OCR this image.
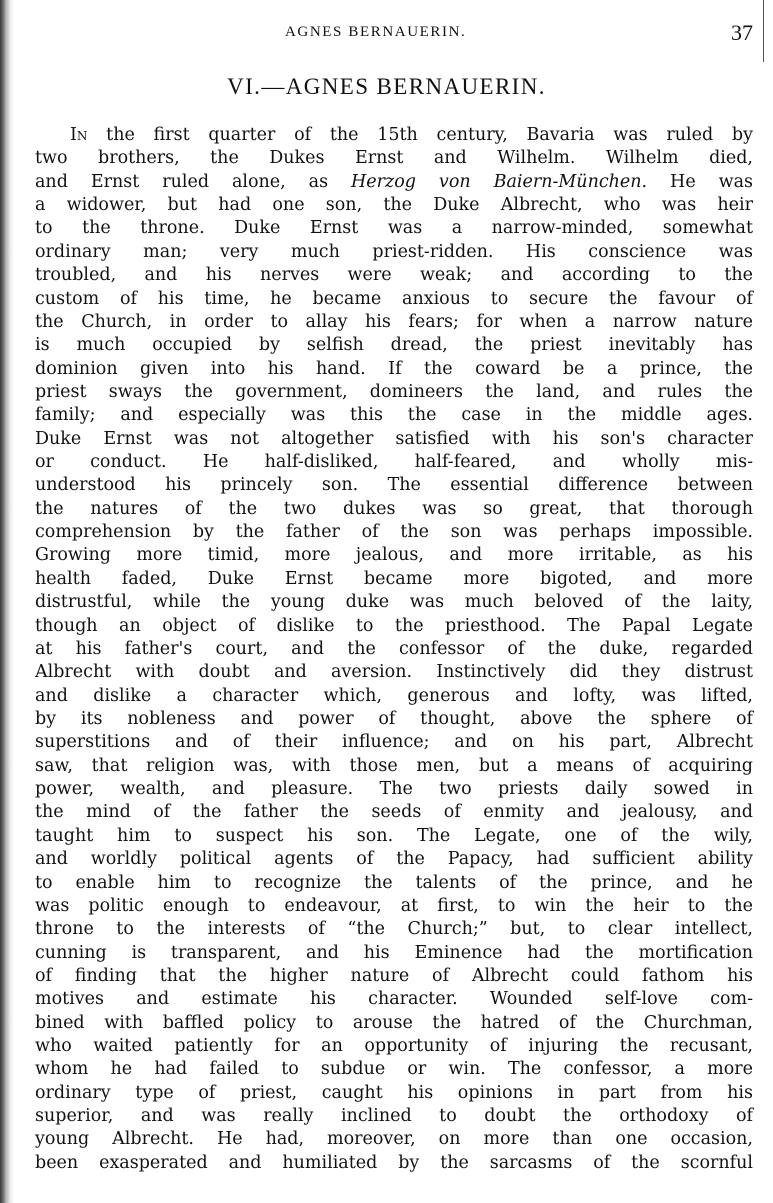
AGNES BERNAUERIN.	37
VI.—AGNES BERNAUERIN.
In the first quarter of the 15th century, Bavaria was ruled by
two brothers, the Dukes Ernst and Wilhelm. Wilhelm died,
and Ernst ruled alone, as Herzog von Baiern-München. He was
a widower, but had one son, the Duke Albrecht, who was heir
to the throne. Duke Ernst was a narrow-minded, somewhat
ordinary man; very much priest-ridden. His conscience was
troubled, and his nerves were weak; and according to the
custom of his time, he became anxious to secure the favour of
the Church, in order to allay his fears; for when a narrow nature
is much occupied by selfish dread, the priest inevitably has
dominion given into his hand. If the coward be a prince, the
priest sways the government, domineers the land, and rules the
family; and especially was this the case in the middle ages.
Duke Ernst was not altogether satisfied with his son's character
or conduct. He half-disliked, half-feared, and wholly mis-
understood his princely son. The essential difference between
the natures of the two dukes was so great, that thorough
comprehension by the father of the son was perhaps impossible.
Growing more timid, more jealous, and more irritable, as his
health faded, Duke Ernst became more bigoted, and more
distrustful, while the young duke was much beloved of the laity,
though an object of dislike to the priesthood. The Papal Legate
at his father's court, and the confessor of the duke, regarded
Albrecht with doubt and aversion. Instinctively did they distrust
and dislike a character which, generous and lofty, was lifted,
by its nobleness and power of thought, above the sphere of
superstitions and of their influence; and on his part, Albrecht
saw, that religion was, with those men, but a means of acquiring
power, wealth, and pleasure. The two priests daily sowed in
the mind of the father the seeds of enmity and jealousy, and
taught him to suspect his son. The Legate, one of the wily,
and worldly political agents of the Papacy, had sufficient ability
to enable him to recognize the talents of the prince, and he
was politic enough to endeavour, at first, to win the heir to the
throne to the interests of “the Church;” but, to clear intellect,
cunning is transparent, and his Eminence had the mortification
of finding that the higher nature of Albrecht could fathom his
motives and estimate his character. Wounded self-love com-
bined with baffled policy to arouse the hatred of the Churchman,
who waited patiently for an opportunity of injuring the recusant,
whom he had failed to subdue or win. The confessor, a more
ordinary type of priest, caught his opinions in part from his
superior, and was really inclined to doubt the orthodoxy of
young Albrecht. He had, moreover, on more than one occasion,
been exasperated and humiliated by the sarcasms of the scornful
